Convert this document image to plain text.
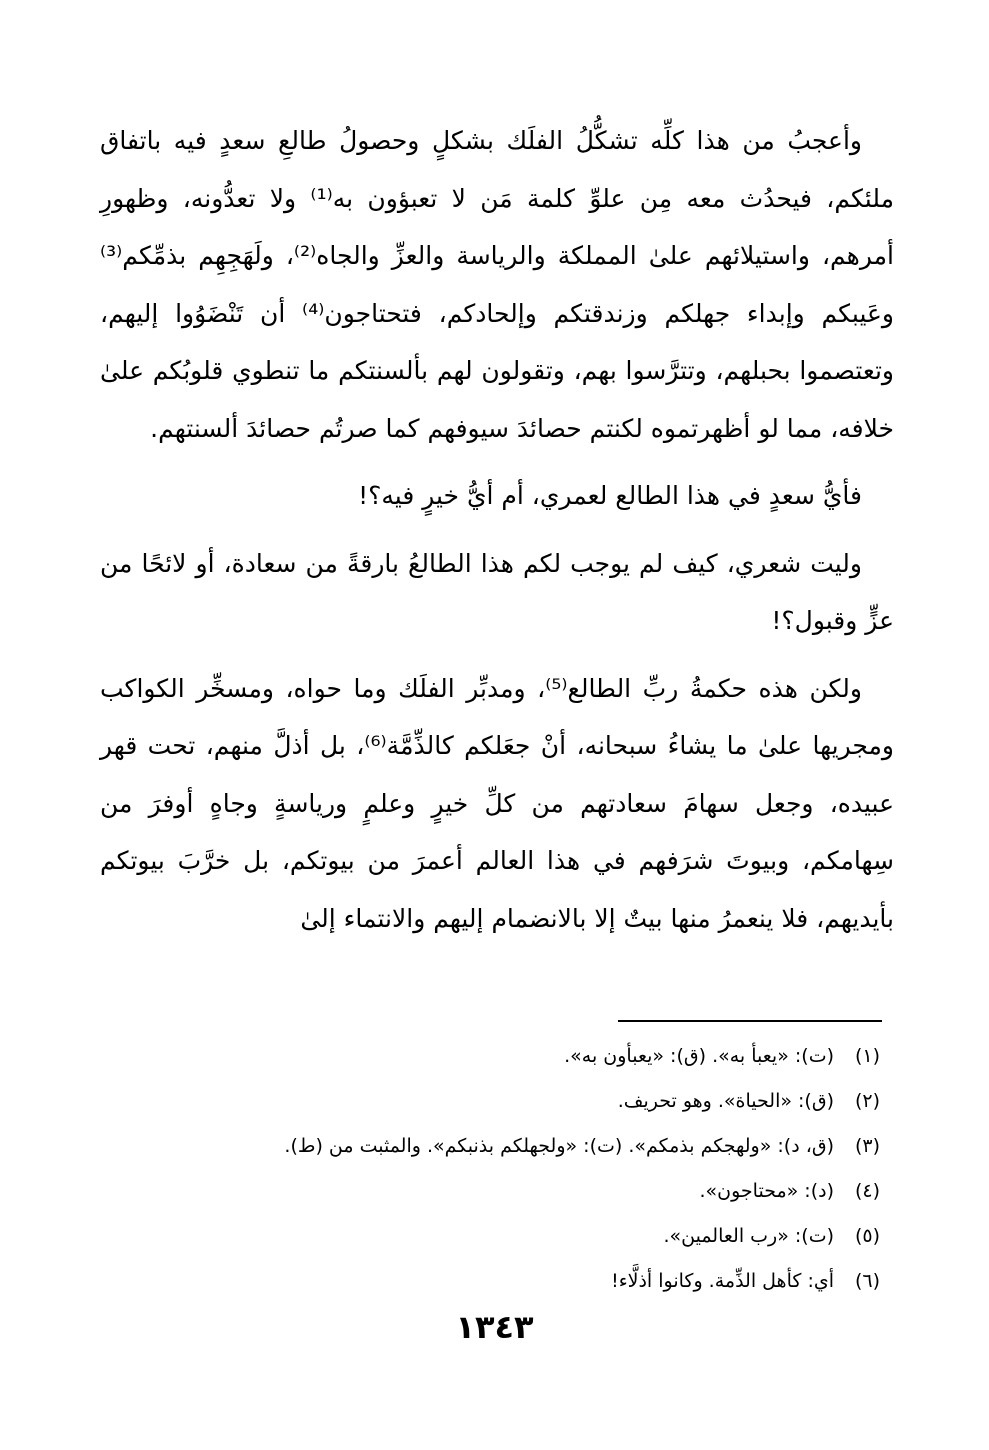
وأعجبُ من هذا كلِّه تشكُّلُ الفلَك بشكلٍ وحصولُ طالعِ سعدٍ فيه باتفاق ملئكم، فيحدُث معه مِن علوِّ كلمة مَن لا تعبؤون به⁽¹⁾ ولا تعدُّونه، وظهورِ أمرهم، واستيلائهم علىٰ المملكة والرياسة والعزِّ والجاه⁽²⁾، ولَهَجِهِم بذمِّكم⁽³⁾ وعَيبكم وإبداء جهلكم وزندقتكم وإلحادكم، فتحتاجون⁽⁴⁾ أن تَنْضَوُوا إليهم، وتعتصموا بحبلهم، وتترَّسوا بهم، وتقولون لهم بألسنتكم ما تنطوي قلوبُكم علىٰ خلافه، مما لو أظهرتموه لكنتم حصائدَ سيوفهم كما صرتُم حصائدَ ألسنتهم.

فأيُّ سعدٍ في هذا الطالع لعمري، أم أيُّ خيرٍ فيه؟!

وليت شعري، كيف لم يوجب لكم هذا الطالعُ بارقةً من سعادة، أو لائحًا من عزٍّ وقبول؟!

ولكن هذه حكمةُ ربِّ الطالع⁽⁵⁾، ومدبِّر الفلَك وما حواه، ومسخِّر الكواكب ومجريها علىٰ ما يشاءُ سبحانه، أنْ جعَلكم كالذِّمَّة⁽⁶⁾، بل أذلَّ منهم، تحت قهر عبيده، وجعل سهامَ سعادتهم من كلِّ خيرٍ وعلمٍ ورياسةٍ وجاهٍ أوفرَ من سِهامكم، وبيوتَ شرَفهم في هذا العالم أعمرَ من بيوتكم، بل خرَّبَ بيوتكم بأيديهم، فلا ينعمرُ منها بيتٌ إلا بالانضمام إليهم والانتماء إلىٰ

(١)
(ت): «يعبأ به». (ق): «يعبأون به».
(٢)
(ق): «الحياة». وهو تحريف.
(٣)
(ق، د): «ولهجكم بذمكم». (ت): «ولجهلكم بذنبكم». والمثبت من (ط).
(٤)
(د): «محتاجون».
(٥)
(ت): «رب العالمين».
(٦)
أي: كأهل الذِّمة. وكانوا أذلَّاء!
١٣٤٣
